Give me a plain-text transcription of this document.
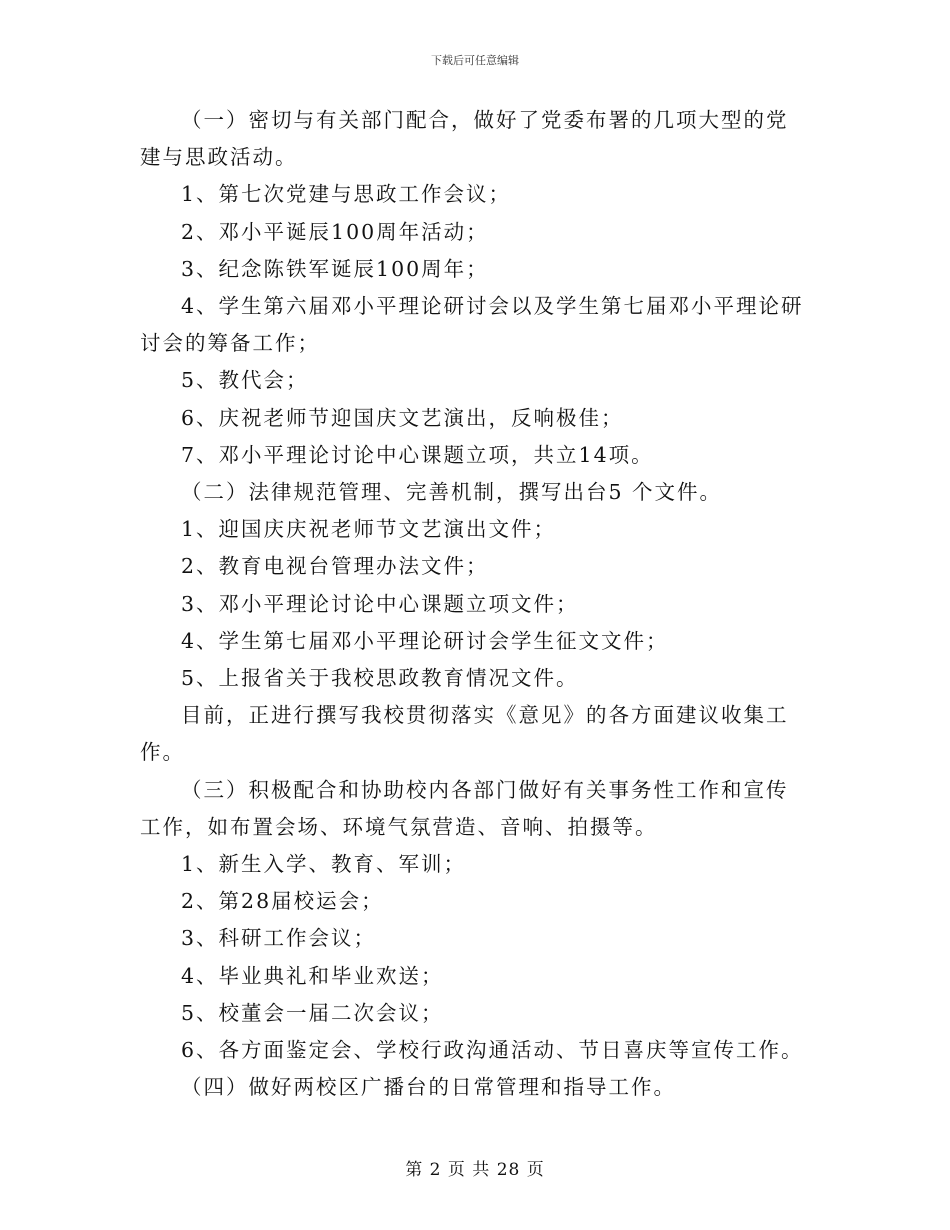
下载后可任意编辑

（一）密切与有关部门配合，做好了党委布署的几项大型的党建与思政活动。

1、第七次党建与思政工作会议；

2、邓小平诞辰100周年活动；

3、纪念陈铁军诞辰100周年；

4、学生第六届邓小平理论研讨会以及学生第七届邓小平理论研讨会的筹备工作；

5、教代会；

6、庆祝老师节迎国庆文艺演出，反响极佳；

7、邓小平理论讨论中心课题立项，共立14项。

（二）法律规范管理、完善机制，撰写出台5 个文件。

1、迎国庆庆祝老师节文艺演出文件；

2、教育电视台管理办法文件；

3、邓小平理论讨论中心课题立项文件；

4、学生第七届邓小平理论研讨会学生征文文件；

5、上报省关于我校思政教育情况文件。

目前，正进行撰写我校贯彻落实《意见》的各方面建议收集工作。

（三）积极配合和协助校内各部门做好有关事务性工作和宣传工作，如布置会场、环境气氛营造、音响、拍摄等。

1、新生入学、教育、军训；

2、第28届校运会；

3、科研工作会议；

4、毕业典礼和毕业欢送；

5、校董会一届二次会议；

6、各方面鉴定会、学校行政沟通活动、节日喜庆等宣传工作。

（四）做好两校区广播台的日常管理和指导工作。

第 2 页 共 28 页
